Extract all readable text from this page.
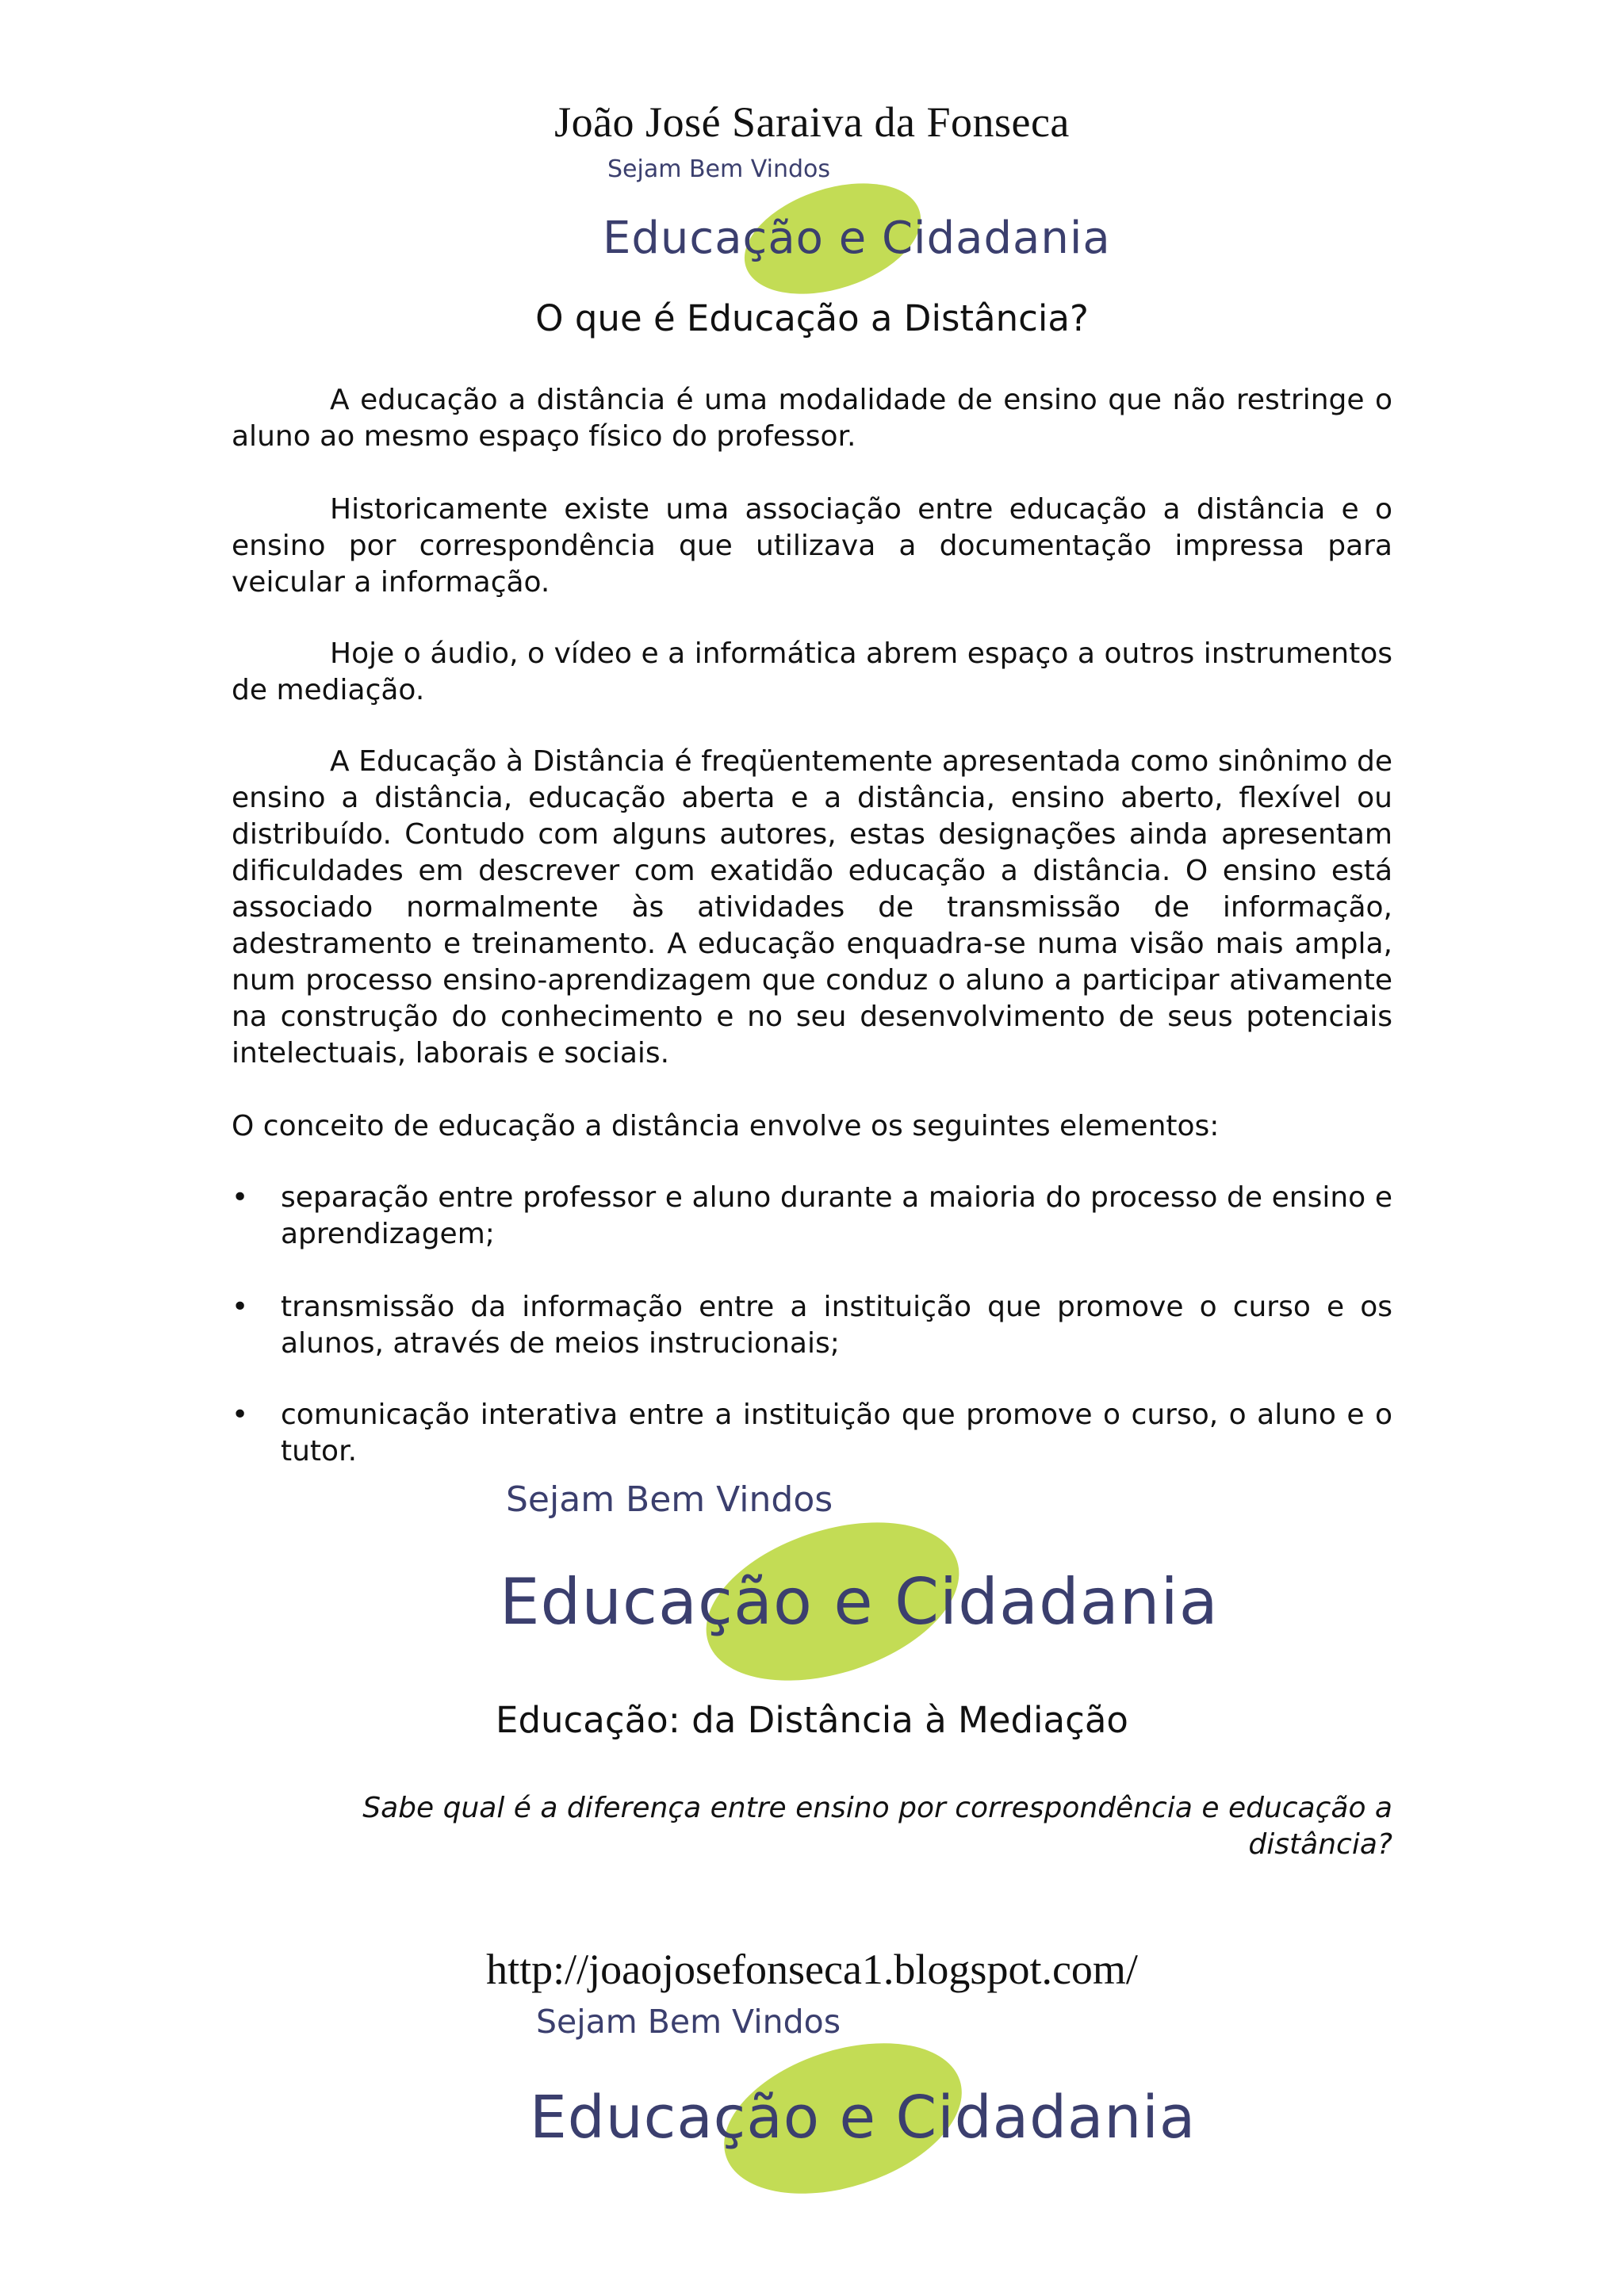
João José Saraiva da Fonseca
Sejam Bem Vindos
Educação e Cidadania
O que é Educação a Distância?

A educação a distância é uma modalidade de ensino que não restringe o aluno ao mesmo espaço físico do professor.

Historicamente existe uma associação entre educação a distância e o ensino por correspondência que utilizava a documentação impressa para veicular a informação.

Hoje o áudio, o vídeo e a informática abrem espaço a outros instrumentos de mediação.

A Educação à Distância é freqüentemente apresentada como sinônimo de ensino a distância, educação aberta e a distância, ensino aberto, flexível ou distribuído. Contudo com alguns autores, estas designações ainda apresentam dificuldades em descrever com exatidão educação a distância. O ensino está associado normalmente às atividades de transmissão de informação, adestramento e treinamento. A educação enquadra-se numa visão mais ampla, num processo ensino-aprendizagem que conduz o aluno a participar ativamente na construção do conhecimento e no seu desenvolvimento de seus potenciais intelectuais, laborais e sociais.

O conceito de educação a distância envolve os seguintes elementos:

• separação entre professor e aluno durante a maioria do processo de ensino e aprendizagem;
• transmissão da informação entre a instituição que promove o curso e os alunos, através de meios instrucionais;
• comunicação interativa entre a instituição que promove o curso, o aluno e o tutor.
Sejam Bem Vindos
Educação e Cidadania
Educação: da Distância à Mediação
Sabe qual é a diferença entre ensino por correspondência e educação a distância?
http://joaojosefonseca1.blogspot.com/
Sejam Bem Vindos
Educação e Cidadania
